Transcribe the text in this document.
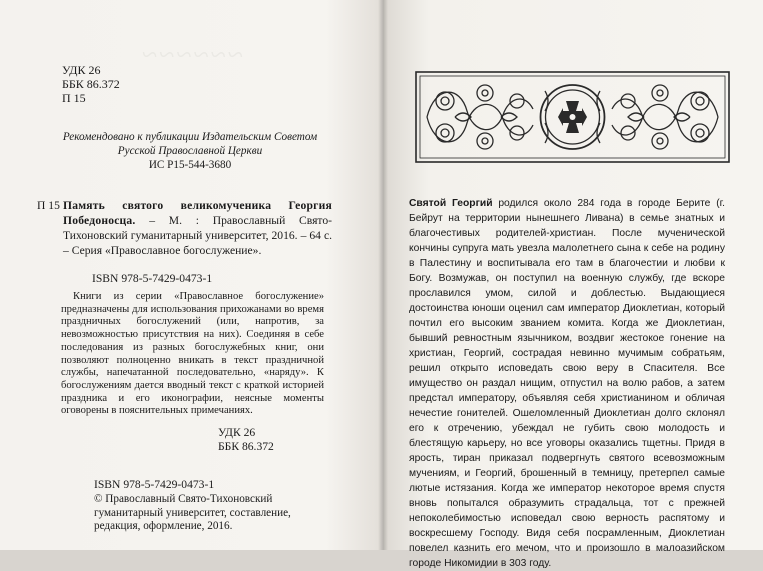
~~~~~~
УДК 26
ББК 86.372
П 15
Рекомендовано к публикации Издательским Советом
Русской Православной Церкви
ИС Р15-544-3680
П 15 Память святого великомученика Георгия Победоносца. – М. : Православный Свято-Тихоновский гуманитарный университет, 2016. – 64 с. – Серия «Православное богослужение».
ISBN 978-5-7429-0473-1
Книги из серии «Православное богослужение» предназначены для использования прихожанами во время праздничных богослужений (или, напротив, за невозможностью присутствия на них). Соединяя в себе последования из разных богослужебных книг, они позволяют полноценно вникать в текст праздничной службы, напечатанной последовательно, «наряду». К богослужениям дается вводный текст с краткой историей праздника и его иконографии, неясные моменты оговорены в пояснительных примечаниях.
УДК 26
ББК 86.372
ISBN 978-5-7429-0473-1
© Православный Свято-Тихоновский гуманитарный университет, составление, редакция, оформление, 2016.
Святой Георгий родился около 284 года в городе Берите (г. Бейрут на территории нынешнего Ливана) в семье знатных и благочестивых родителей-христиан. После мученической кончины супруга мать увезла малолетнего сына к себе на родину в Палестину и воспитывала его там в благочестии и любви к Богу. Возмужав, он поступил на военную службу, где вскоре прославился умом, силой и доблестью. Выдающиеся достоинства юноши оценил сам император Диоклетиан, который почтил его высоким званием комита. Когда же Диоклетиан, бывший ревностным язычником, воздвиг жестокое гонение на христиан, Георгий, сострадая невинно мучимым собратьям, решил открыто исповедать свою веру в Спасителя. Все имущество он раздал нищим, отпустил на волю рабов, а затем предстал императору, объявляя себя христианином и обличая нечестие гонителей. Ошеломленный Диоклетиан долго склонял его к отречению, убеждал не губить свою молодость и блестящую карьеру, но все уговоры оказались тщетны. Придя в ярость, тиран приказал подвергнуть святого всевозможным мучениям, и Георгий, брошенный в темницу, претерпел самые лютые истязания. Когда же император некоторое время спустя вновь попытался образумить страдальца, тот с прежней непоколебимостью исповедал свою верность распятому и воскресшему Господу. Видя себя посрамленным, Диоклетиан повелел казнить его мечом, что и произошло в малоазийском городе Никомидии в 303 году.
